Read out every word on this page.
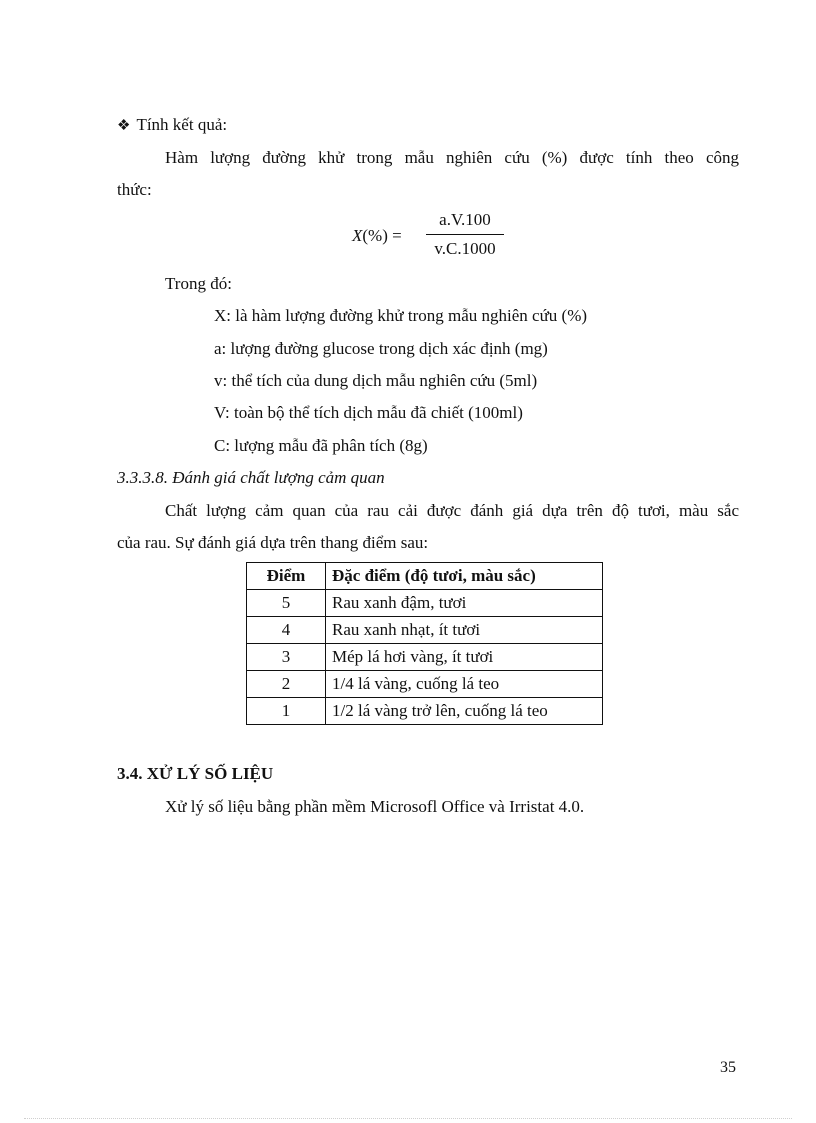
❖ Tính kết quả:
Hàm lượng đường khử trong mẫu nghiên cứu (%) được tính theo công
thức:
X(%) =
a.V.100
v.C.1000
Trong đó:
X: là hàm lượng đường khử trong mẫu nghiên cứu (%)
a: lượng đường glucose trong dịch xác định (mg)
v: thể tích của dung dịch mẫu nghiên cứu (5ml)
V: toàn bộ thể tích dịch mẫu đã chiết (100ml)
C: lượng mẫu đã phân tích (8g)
3.3.3.8. Đánh giá chất lượng cảm quan
Chất lượng cảm quan của rau cải được đánh giá dựa trên độ tươi, màu sắc
của rau. Sự đánh giá dựa trên thang điểm sau:
Điểm	Đặc điểm (độ tươi, màu sắc)
5	Rau xanh đậm, tươi
4	Rau xanh nhạt, ít tươi
3	Mép lá hơi vàng, ít tươi
2	1/4 lá vàng, cuống lá teo
1	1/2 lá vàng trở lên, cuống lá teo
3.4. XỬ LÝ SỐ LIỆU
Xử lý số liệu bằng phần mềm Microsofl Office và Irristat 4.0.
35
